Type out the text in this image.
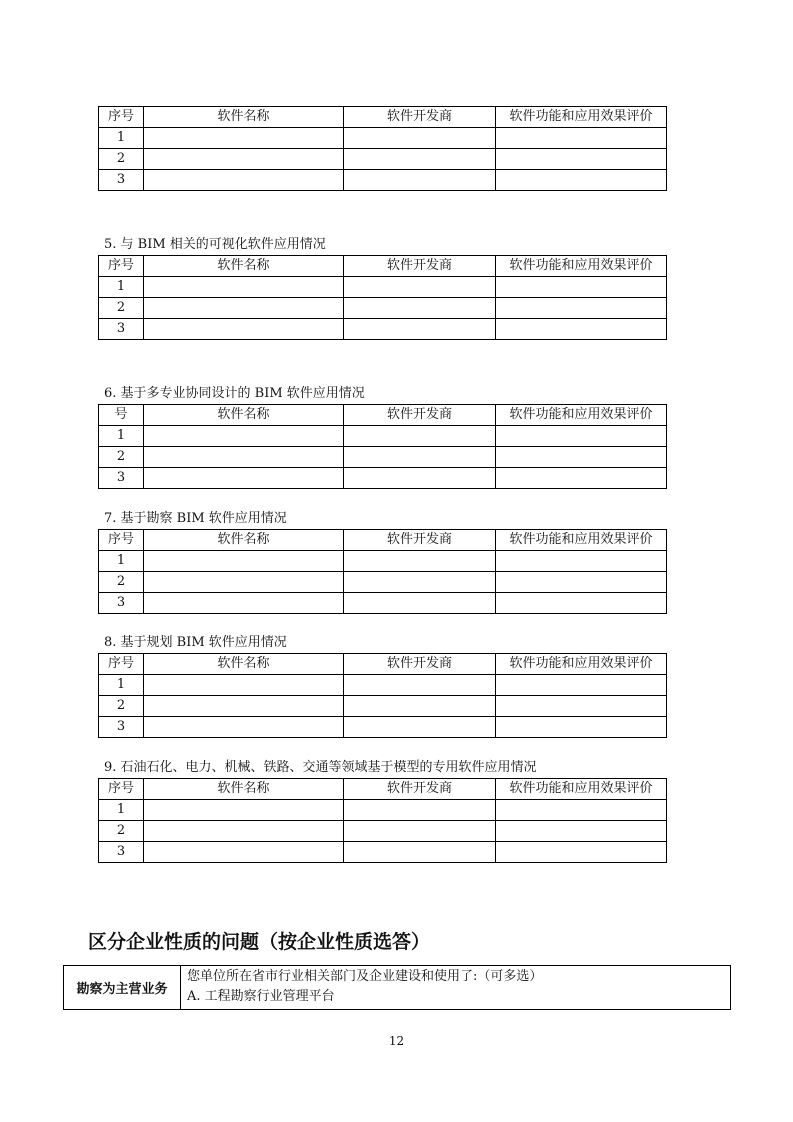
序号	软件名称	软件开发商	软件功能和应用效果评价
1			
2			
3			
5. 与 BIM 相关的可视化软件应用情况
序号	软件名称	软件开发商	软件功能和应用效果评价
1			
2			
3			
6. 基于多专业协同设计的 BIM 软件应用情况
号	软件名称	软件开发商	软件功能和应用效果评价
1			
2			
3			
7. 基于勘察 BIM 软件应用情况
序号	软件名称	软件开发商	软件功能和应用效果评价
1			
2			
3			
8. 基于规划 BIM 软件应用情况
序号	软件名称	软件开发商	软件功能和应用效果评价
1			
2			
3			
9. 石油石化、电力、机械、铁路、交通等领域基于模型的专用软件应用情况
序号	软件名称	软件开发商	软件功能和应用效果评价
1			
2			
3			
区分企业性质的问题（按企业性质选答）
勘察为主营业务	
您单位所在省市行业相关部门及企业建设和使用了:（可多选）
A. 工程勘察行业管理平台
12
